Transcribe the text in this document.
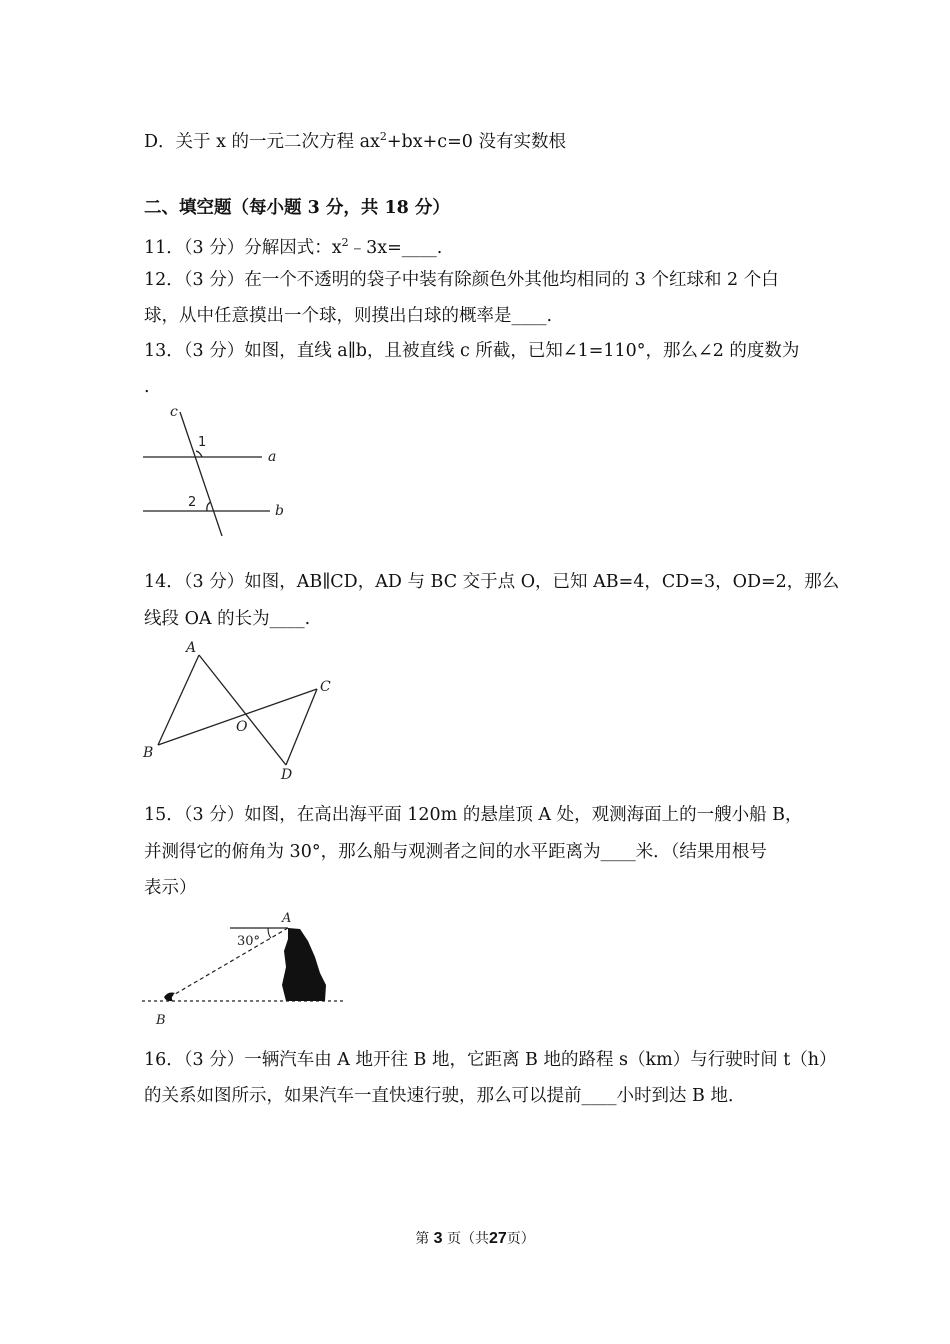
D．关于 x 的一元二次方程 $ax^2+bx+c=0$ 没有实数根
二、填空题（每小题 3 分，共 18 分）
11．（3 分）分解因式：$x^2﹣3x=\_\_\_\_$.
12．（3 分）在一个不透明的袋子中装有除颜色外其他均相同的 3 个红球和 2 个白
球，从中任意摸出一个球，则摸出白球的概率是____.
13．（3 分）如图，直线 a∥b，且被直线 c 所截，已知∠1=110°，那么∠2 的度数为
.
c
a
b
1
2
14．（3 分）如图，AB∥CD，AD 与 BC 交于点 O，已知 AB=4，CD=3，OD=2，那么
线段 OA 的长为____.
A
B
C
D
O
15．（3 分）如图，在高出海平面 120m 的悬崖顶 A 处，观测海面上的一艘小船 B，
并测得它的俯角为 30°，那么船与观测者之间的水平距离为____米．（结果用根号
表示）
A
B
30°
16．（3 分）一辆汽车由 A 地开往 B 地，它距离 B 地的路程 s（km）与行驶时间 t（h）
的关系如图所示，如果汽车一直快速行驶，那么可以提前____小时到达 B 地．
第 3 页（共27页）
